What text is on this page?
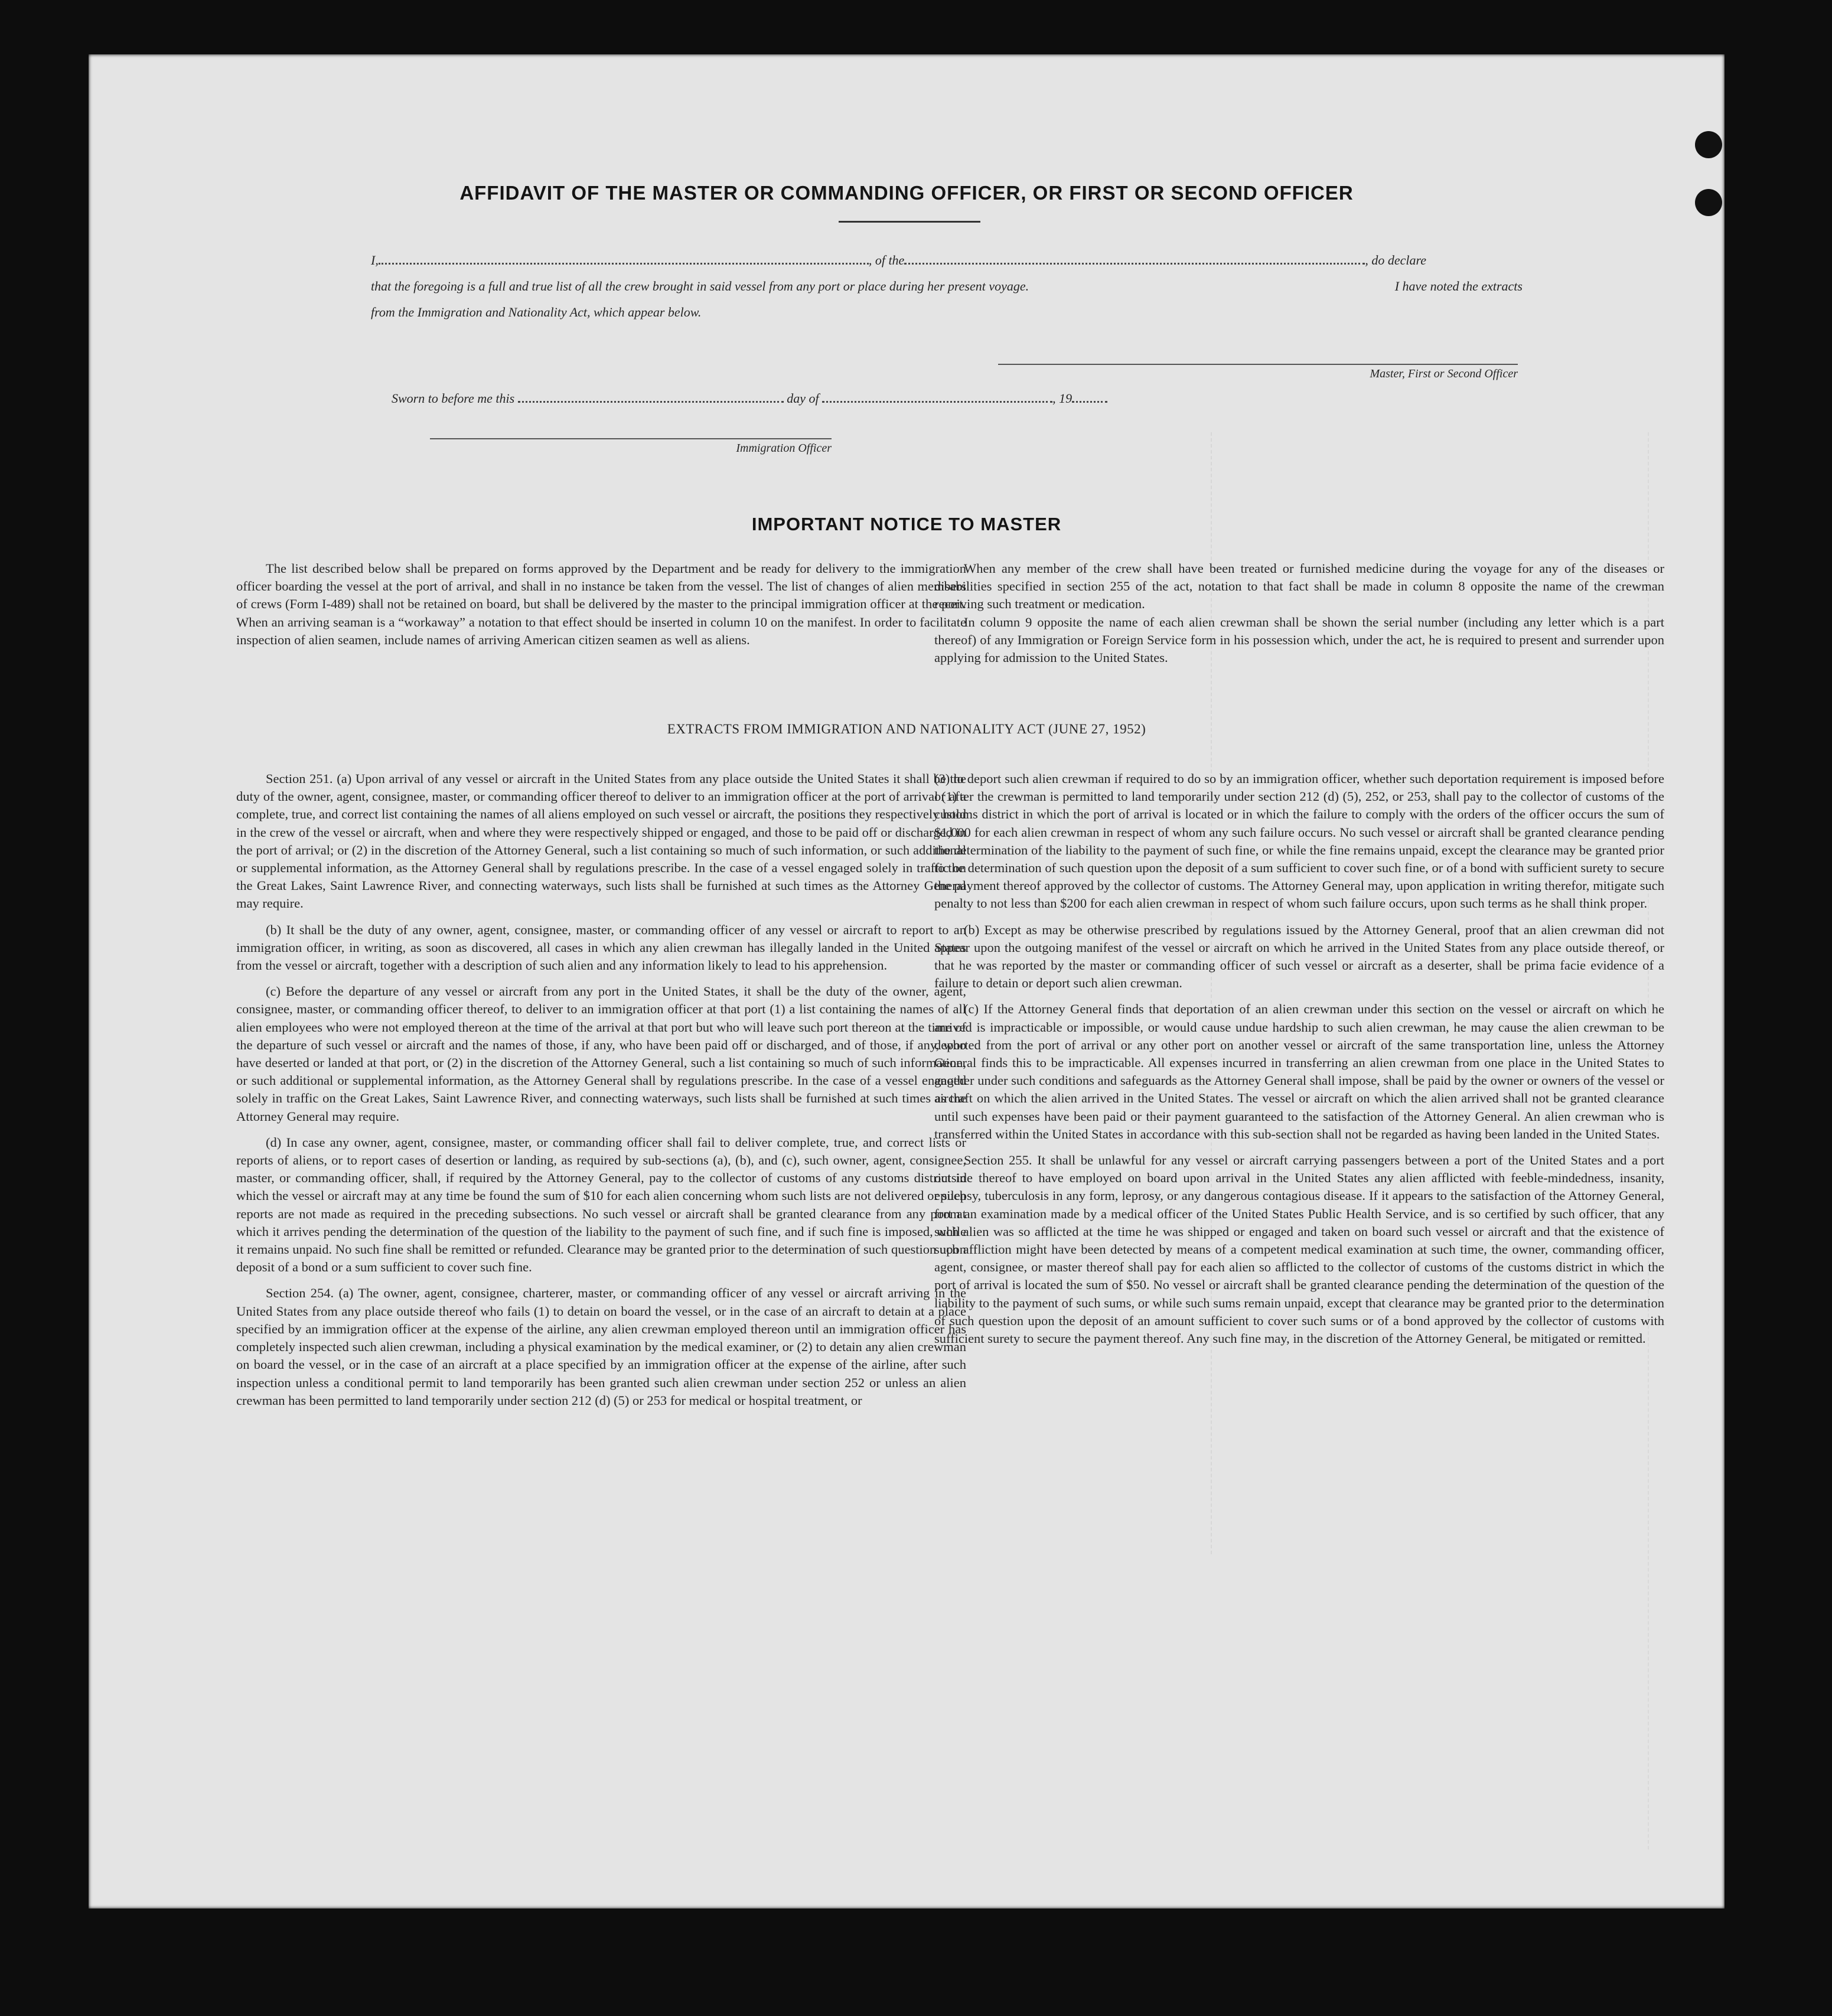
AFFIDAVIT OF THE MASTER OR COMMANDING OFFICER, OR FIRST OR SECOND OFFICER
I,	, of the	, do declare
that the foregoing is a full and true list of all the crew brought in said vessel from any port or place during her present voyage.	I have noted the extracts
from the Immigration and Nationality Act, which appear below.
Master, First or Second Officer
Sworn to before me this	day of	, 19
Immigration Officer
IMPORTANT NOTICE TO MASTER

The list described below shall be prepared on forms approved by the Department and be ready for delivery to the immigration officer boarding the vessel at the port of arrival, and shall in no instance be taken from the vessel. The list of changes of alien members of crews (Form I-489) shall not be retained on board, but shall be delivered by the master to the principal immigration officer at the port. When an arriving seaman is a “workaway” a notation to that effect should be inserted in column 10 on the manifest. In order to facilitate inspection of alien seamen, include names of arriving American citizen seamen as well as aliens.

When any member of the crew shall have been treated or furnished medicine during the voyage for any of the diseases or disabilities specified in section 255 of the act, notation to that fact shall be made in column 8 opposite the name of the crewman receiving such treatment or medication.

In column 9 opposite the name of each alien crewman shall be shown the serial number (including any letter which is a part thereof) of any Immigration or Foreign Service form in his possession which, under the act, he is required to present and surrender upon applying for admission to the United States.

EXTRACTS FROM IMMIGRATION AND NATIONALITY ACT (JUNE 27, 1952)

Section 251. (a) Upon arrival of any vessel or aircraft in the United States from any place outside the United States it shall be the duty of the owner, agent, consignee, master, or commanding officer thereof to deliver to an immigration officer at the port of arrival (1) a complete, true, and correct list containing the names of all aliens employed on such vessel or aircraft, the positions they respectively hold in the crew of the vessel or aircraft, when and where they were respectively shipped or engaged, and those to be paid off or discharged in the port of arrival; or (2) in the discretion of the Attorney General, such a list containing so much of such information, or such additional or supplemental information, as the Attorney General shall by regulations prescribe. In the case of a vessel engaged solely in traffic on the Great Lakes, Saint Lawrence River, and connecting waterways, such lists shall be furnished at such times as the Attorney General may require.

(b) It shall be the duty of any owner, agent, consignee, master, or commanding officer of any vessel or aircraft to report to an immigration officer, in writing, as soon as discovered, all cases in which any alien crewman has illegally landed in the United States from the vessel or aircraft, together with a description of such alien and any information likely to lead to his apprehension.

(c) Before the departure of any vessel or aircraft from any port in the United States, it shall be the duty of the owner, agent, consignee, master, or commanding officer thereof, to deliver to an immigration officer at that port (1) a list containing the names of all alien employees who were not employed thereon at the time of the arrival at that port but who will leave such port thereon at the time of the departure of such vessel or aircraft and the names of those, if any, who have been paid off or discharged, and of those, if any, who have deserted or landed at that port, or (2) in the discretion of the Attorney General, such a list containing so much of such information, or such additional or supplemental information, as the Attorney General shall by regulations prescribe. In the case of a vessel engaged solely in traffic on the Great Lakes, Saint Lawrence River, and connecting waterways, such lists shall be furnished at such times as the Attorney General may require.

(d) In case any owner, agent, consignee, master, or commanding officer shall fail to deliver complete, true, and correct lists or reports of aliens, or to report cases of desertion or landing, as required by sub-sections (a), (b), and (c), such owner, agent, consignee, master, or commanding officer, shall, if required by the Attorney General, pay to the collector of customs of any customs district in which the vessel or aircraft may at any time be found the sum of $10 for each alien concerning whom such lists are not delivered or such reports are not made as required in the preceding subsections. No such vessel or aircraft shall be granted clearance from any port at which it arrives pending the determination of the question of the liability to the payment of such fine, and if such fine is imposed, while it remains unpaid. No such fine shall be remitted or refunded. Clearance may be granted prior to the determination of such question upon deposit of a bond or a sum sufficient to cover such fine.

Section 254. (a) The owner, agent, consignee, charterer, master, or commanding officer of any vessel or aircraft arriving in the United States from any place outside thereof who fails (1) to detain on board the vessel, or in the case of an aircraft to detain at a place specified by an immigration officer at the expense of the airline, any alien crewman employed thereon until an immigration officer has completely inspected such alien crewman, including a physical examination by the medical examiner, or (2) to detain any alien crewman on board the vessel, or in the case of an aircraft at a place specified by an immigration officer at the expense of the airline, after such inspection unless a conditional permit to land temporarily has been granted such alien crewman under section 252 or unless an alien crewman has been permitted to land temporarily under section 212 (d) (5) or 253 for medical or hospital treatment, or

(3) to deport such alien crewman if required to do so by an immigration officer, whether such deportation requirement is imposed before or after the crewman is permitted to land temporarily under section 212 (d) (5), 252, or 253, shall pay to the collector of customs of the customs district in which the port of arrival is located or in which the failure to comply with the orders of the officer occurs the sum of $1,000 for each alien crewman in respect of whom any such failure occurs. No such vessel or aircraft shall be granted clearance pending the determination of the liability to the payment of such fine, or while the fine remains unpaid, except the clearance may be granted prior to the determination of such question upon the deposit of a sum sufficient to cover such fine, or of a bond with sufficient surety to secure the payment thereof approved by the collector of customs. The Attorney General may, upon application in writing therefor, mitigate such penalty to not less than $200 for each alien crewman in respect of whom such failure occurs, upon such terms as he shall think proper.

(b) Except as may be otherwise prescribed by regulations issued by the Attorney General, proof that an alien crewman did not appear upon the outgoing manifest of the vessel or aircraft on which he arrived in the United States from any place outside thereof, or that he was reported by the master or commanding officer of such vessel or aircraft as a deserter, shall be prima facie evidence of a failure to detain or deport such alien crewman.

(c) If the Attorney General finds that deportation of an alien crewman under this section on the vessel or aircraft on which he arrived is impracticable or impossible, or would cause undue hardship to such alien crewman, he may cause the alien crewman to be deported from the port of arrival or any other port on another vessel or aircraft of the same transportation line, unless the Attorney General finds this to be impracticable. All expenses incurred in transferring an alien crewman from one place in the United States to another under such conditions and safeguards as the Attorney General shall impose, shall be paid by the owner or owners of the vessel or aircraft on which the alien arrived in the United States. The vessel or aircraft on which the alien arrived shall not be granted clearance until such expenses have been paid or their payment guaranteed to the satisfaction of the Attorney General. An alien crewman who is transferred within the United States in accordance with this sub-section shall not be regarded as having been landed in the United States.

Section 255. It shall be unlawful for any vessel or aircraft carrying passengers between a port of the United States and a port outside thereof to have employed on board upon arrival in the United States any alien afflicted with feeble-mindedness, insanity, epilepsy, tuberculosis in any form, leprosy, or any dangerous contagious disease. If it appears to the satisfaction of the Attorney General, from an examination made by a medical officer of the United States Public Health Service, and is so certified by such officer, that any such alien was so afflicted at the time he was shipped or engaged and taken on board such vessel or aircraft and that the existence of such affliction might have been detected by means of a competent medical examination at such time, the owner, commanding officer, agent, consignee, or master thereof shall pay for each alien so afflicted to the collector of customs of the customs district in which the port of arrival is located the sum of $50. No vessel or aircraft shall be granted clearance pending the determination of the question of the liability to the payment of such sums, or while such sums remain unpaid, except that clearance may be granted prior to the determination of such question upon the deposit of an amount sufficient to cover such sums or of a bond approved by the collector of customs with sufficient surety to secure the payment thereof. Any such fine may, in the discretion of the Attorney General, be mitigated or remitted.
